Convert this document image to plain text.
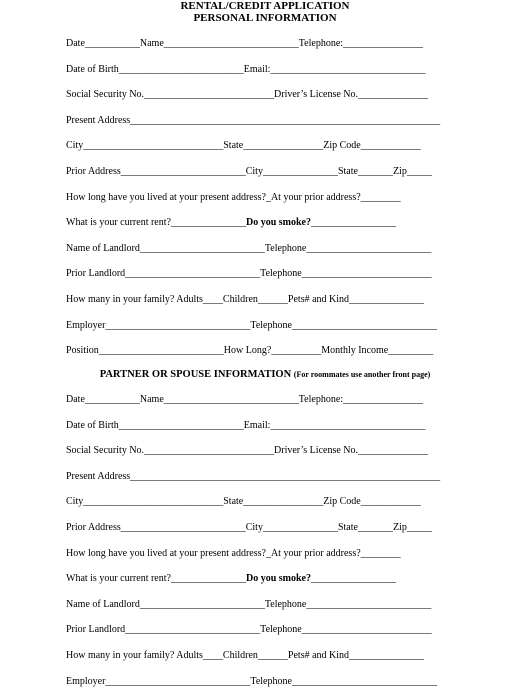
RENTAL/CREDIT APPLICATION
PERSONAL INFORMATION
Date___________Name___________________________Telephone:________________
Date of Birth_________________________Email:_______________________________
Social Security No.__________________________Driver’s License No.______________
Present Address______________________________________________________________
City____________________________State________________Zip Code____________
Prior Address_________________________City_______________State_______Zip_____
How long have you lived at your present address?_At your prior address?________
What is your current rent?_______________Do you smoke?_________________
Name of Landlord_________________________Telephone_________________________
Prior Landlord___________________________Telephone__________________________
How many in your family? Adults____Children______Pets# and Kind_______________
Employer_____________________________Telephone_____________________________
Position_________________________How Long?__________Monthly Income_________
PARTNER OR SPOUSE INFORMATION (For roommates use another front page)
Date___________Name___________________________Telephone:________________
Date of Birth_________________________Email:_______________________________
Social Security No.__________________________Driver’s License No.______________
Present Address______________________________________________________________
City____________________________State________________Zip Code____________
Prior Address_________________________City_______________State_______Zip_____
How long have you lived at your present address?_At your prior address?________
What is your current rent?_______________Do you smoke?_________________
Name of Landlord_________________________Telephone_________________________
Prior Landlord___________________________Telephone__________________________
How many in your family? Adults____Children______Pets# and Kind_______________
Employer_____________________________Telephone_____________________________
